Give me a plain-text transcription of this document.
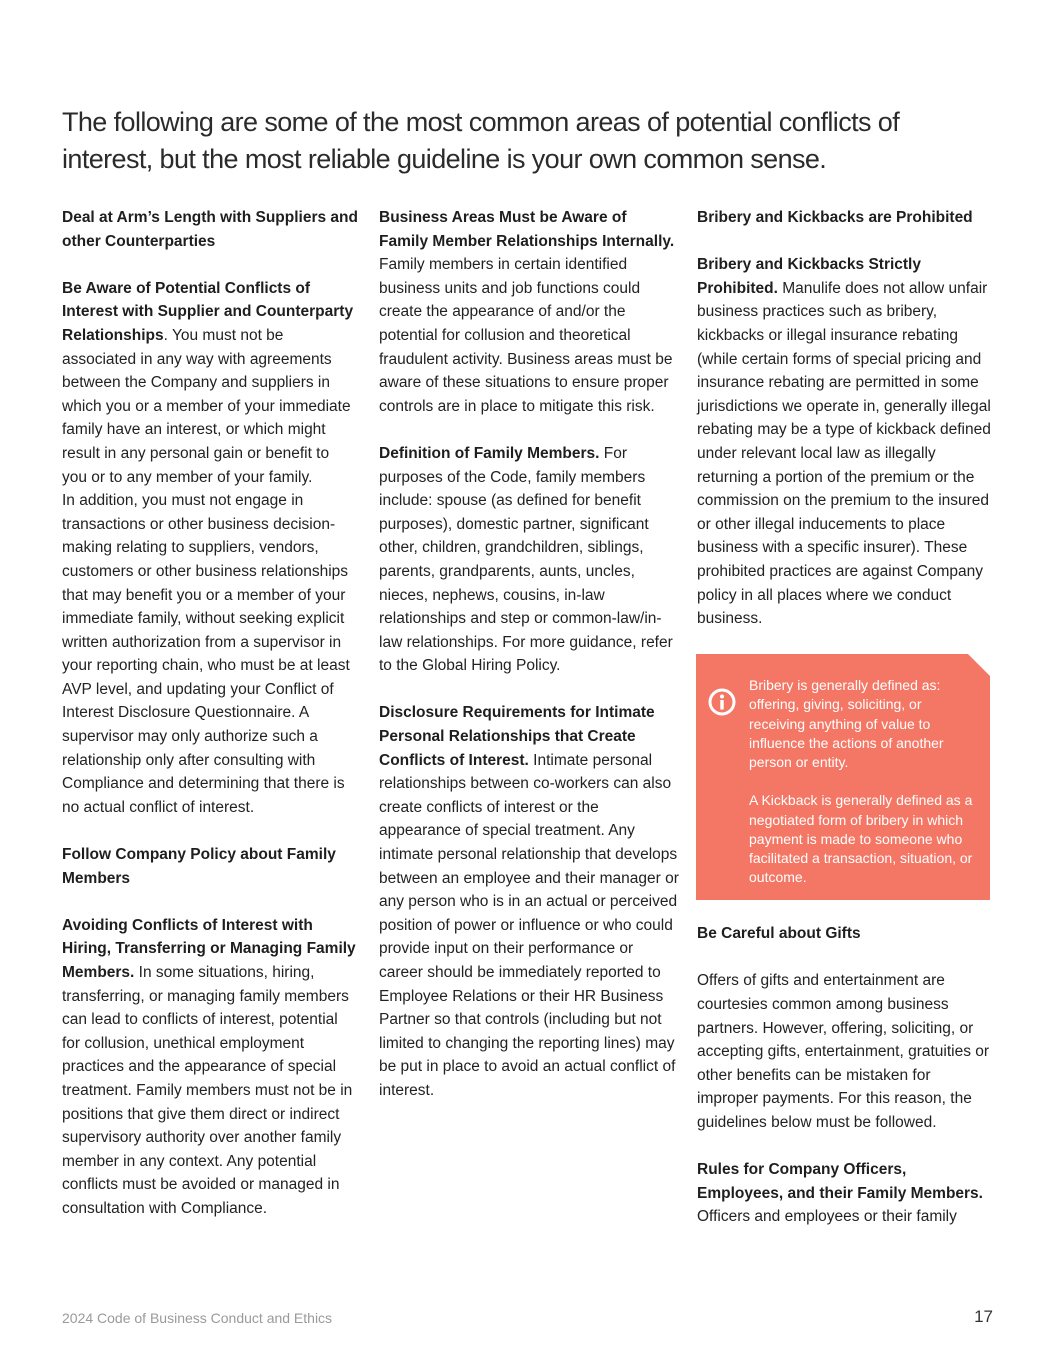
The following are some of the most common areas of potential conflicts of interest, but the most reliable guideline is your own common sense.
Deal at Arm’s Length with Suppliers and other Counterparties

Be Aware of Potential Conflicts of Interest with Supplier and Counterparty Relationships. You must not be associated in any way with agreements between the Company and suppliers in which you or a member of your immediate family have an interest, or which might result in any personal gain or benefit to you or to any member of your family.

In addition, you must not engage in transactions or other business decision-making relating to suppliers, vendors, customers or other business relationships that may benefit you or a member of your immediate family, without seeking explicit written authorization from a supervisor in your reporting chain, who must be at least AVP level, and updating your Conflict of Interest Disclosure Questionnaire. A supervisor may only authorize such a relationship only after consulting with Compliance and determining that there is no actual conflict of interest.

Follow Company Policy about Family Members

Avoiding Conflicts of Interest with Hiring, Transferring or Managing Family Members. In some situations, hiring, transferring, or managing family members can lead to conflicts of interest, potential for collusion, unethical employment practices and the appearance of special treatment. Family members must not be in positions that give them direct or indirect supervisory authority over another family member in any context. Any potential conflicts must be avoided or managed in consultation with Compliance.

Business Areas Must be Aware of Family Member Relationships Internally. Family members in certain identified business units and job functions could create the appearance of and/or the potential for collusion and theoretical fraudulent activity. Business areas must be aware of these situations to ensure proper controls are in place to mitigate this risk.

Definition of Family Members. For purposes of the Code, family members include: spouse (as defined for benefit purposes), domestic partner, significant other, children, grandchildren, siblings, parents, grandparents, aunts, uncles, nieces, nephews, cousins, in-law relationships and step or common-law/in-law relationships. For more guidance, refer to the Global Hiring Policy.

Disclosure Requirements for Intimate Personal Relationships that Create Conflicts of Interest. Intimate personal relationships between co-workers can also create conflicts of interest or the appearance of special treatment. Any intimate personal relationship that develops between an employee and their manager or any person who is in an actual or perceived position of power or influence or who could provide input on their performance or career should be immediately reported to Employee Relations or their HR Business Partner so that controls (including but not limited to changing the reporting lines) may be put in place to avoid an actual conflict of interest.

Bribery and Kickbacks are Prohibited

Bribery and Kickbacks Strictly Prohibited. Manulife does not allow unfair business practices such as bribery, kickbacks or illegal insurance rebating (while certain forms of special pricing and insurance rebating are permitted in some jurisdictions we operate in, generally illegal rebating may be a type of kickback defined under relevant local law as illegally returning a portion of the premium or the commission on the premium to the insured or other illegal inducements to place business with a specific insurer). These prohibited practices are against Company policy in all places where we conduct business.

Bribery is generally defined as: offering, giving, soliciting, or receiving anything of value to influence the actions of another person or entity.

A Kickback is generally defined as a negotiated form of bribery in which payment is made to someone who facilitated a transaction, situation, or outcome.

Be Careful about Gifts

Offers of gifts and entertainment are courtesies common among business partners. However, offering, soliciting, or accepting gifts, entertainment, gratuities or other benefits can be mistaken for improper payments. For this reason, the guidelines below must be followed.

Rules for Company Officers, Employees, and their Family Members. Officers and employees or their family

2024 Code of Business Conduct and Ethics	17
